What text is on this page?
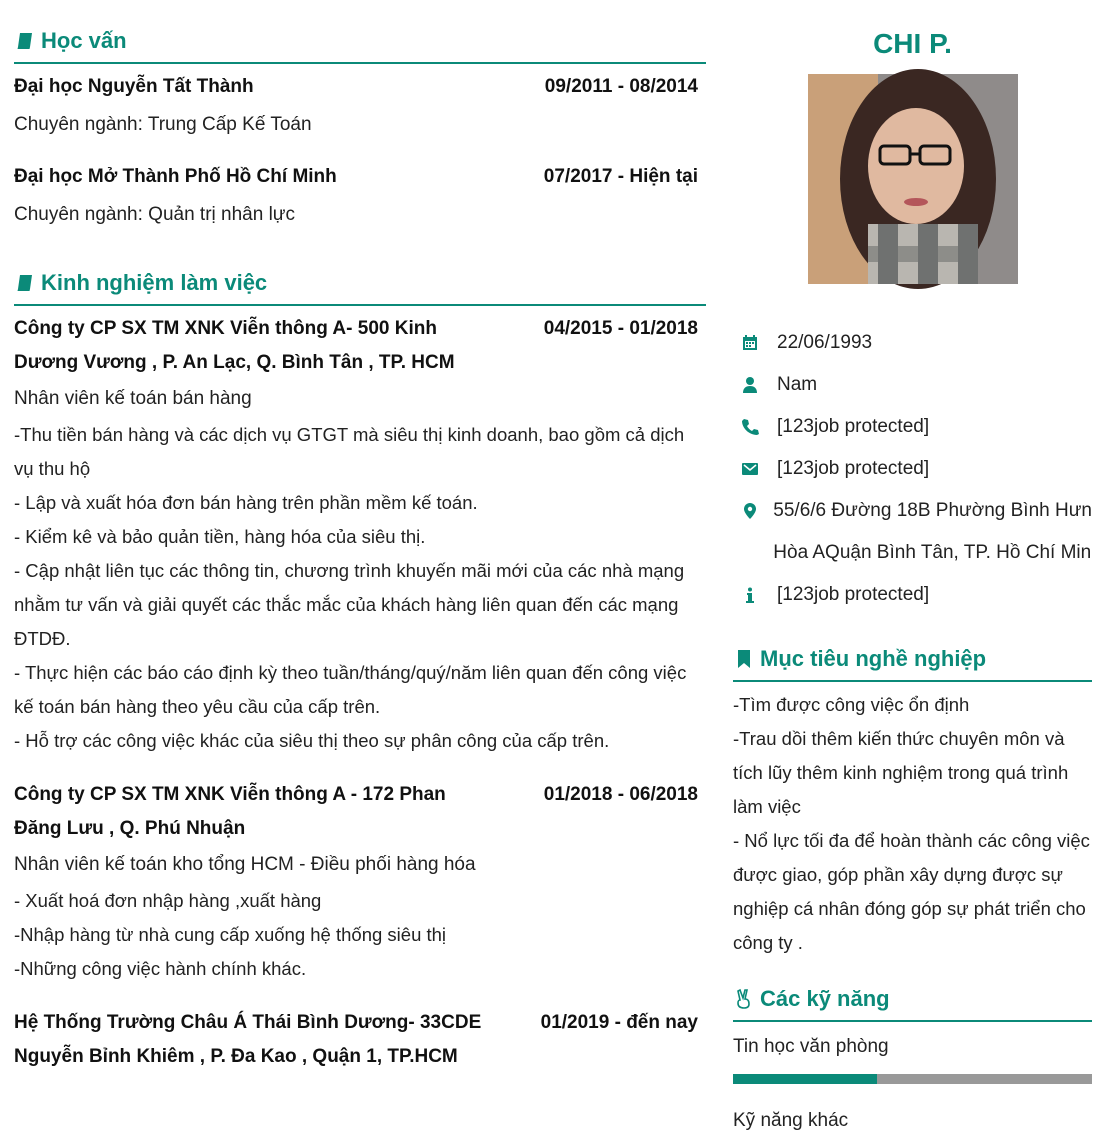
Học vấn
Đại học Nguyễn Tất Thành	09/2011 - 08/2014
Chuyên ngành: Trung Cấp Kế Toán
Đại học Mở Thành Phố Hồ Chí Minh	07/2017 - Hiện tại
Chuyên ngành: Quản trị nhân lực
Kinh nghiệm làm việc
Công ty CP SX TM XNK Viễn thông A- 500 Kinh Dương Vương , P. An Lạc, Q. Bình Tân , TP. HCM
04/2015 - 01/2018
Nhân viên kế toán bán hàng

-Thu tiền bán hàng và các dịch vụ GTGT mà siêu thị kinh doanh, bao gồm cả dịch vụ thu hộ

- Lập và xuất hóa đơn bán hàng trên phần mềm kế toán.

- Kiểm kê và bảo quản tiền, hàng hóa của siêu thị.

- Cập nhật liên tục các thông tin, chương trình khuyến mãi mới của các nhà mạng nhằm tư vấn và giải quyết các thắc mắc của khách hàng liên quan đến các mạng ĐTDĐ.

- Thực hiện các báo cáo định kỳ theo tuần/tháng/quý/năm liên quan đến công việc kế toán bán hàng theo yêu cầu của cấp trên.

- Hỗ trợ các công việc khác của siêu thị theo sự phân công của cấp trên.

Công ty CP SX TM XNK Viễn thông A - 172 Phan Đăng Lưu , Q. Phú Nhuận
01/2018 - 06/2018
Nhân viên kế toán kho tổng HCM - Điều phối hàng hóa

- Xuất hoá đơn nhập hàng ,xuất hàng

-Nhập hàng từ nhà cung cấp xuống hệ thống siêu thị

-Những công việc hành chính khác.

Hệ Thống Trường Châu Á Thái Bình Dương- 33CDE Nguyễn Bỉnh Khiêm , P. Đa Kao , Quận 1, TP.HCM
01/2019 - đến nay
CHI P.
22/06/1993
Nam
[123job protected]
[123job protected]
55/6/6 Đường 18B Phường Bình Hưn
Hòa AQuận Bình Tân, TP. Hồ Chí Min
[123job protected]
Mục tiêu nghề nghiệp

-Tìm được công việc ổn định

-Trau dồi thêm kiến thức chuyên môn và tích lũy thêm kinh nghiệm trong quá trình làm việc

- Nổ lực tối đa để hoàn thành các công việc được giao, góp phần xây dựng được sự nghiệp cá nhân đóng góp sự phát triển cho công ty .

Các kỹ năng
Tin học văn phòng
Kỹ năng khác
